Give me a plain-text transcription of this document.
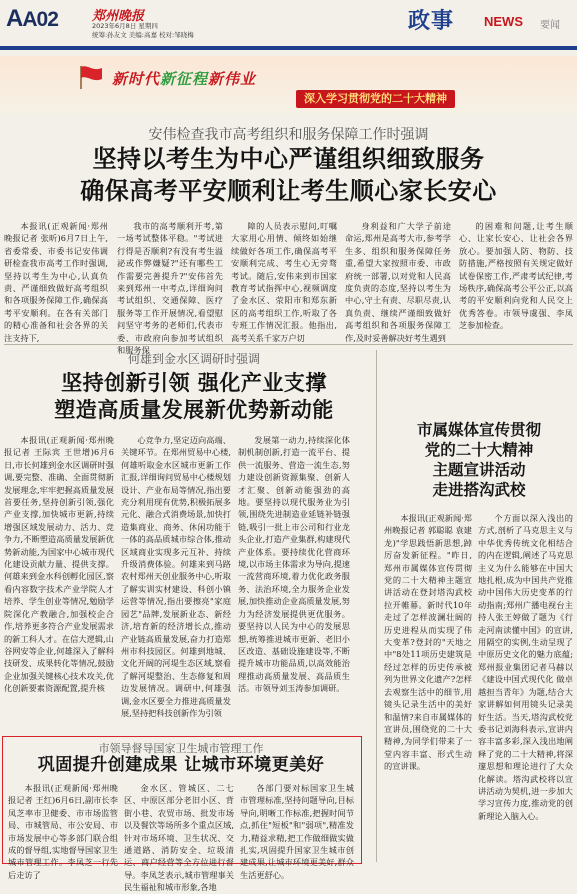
AA02	郑州晚报
2023年6月8日 星期四
统筹:孙友文 美编:高嘉 校对:邹晓梅
政事 NEWS 要闻
新时代新征程新伟业
深入学习贯彻党的二十大精神
安伟检查我市高考组织和服务保障工作时强调
坚持以考生为中心严谨组织细致服务
确保高考平安顺利让考生顺心家长安心
本报讯(正观新闻·郑州晚报记者 张昕)6月7日上午,省委常委、市委书记安伟调研检查我市高考工作时强调,坚持以考生为中心,认真负责、严谨细致做好高考组织和各项服务保障工作,确保高考平安顺利。在各有关部门的精心准备和社会各界的关注支持下,
我市的高考顺利开考,第一场考试整体平稳。"考试进行得是否顺利?有没有考生溢泌或作弊嫌疑?"还有哪些工作需要完善提升?"安伟首先来到郑州一中考点,详细询问考试组织、交通保障、医疗服务等工作开展情况,看望慰问坚守考务的老师们,代表市委、市政府向参加考试组织和服务保
障的人员表示慰问,叮嘱大家用心用情、倾终如始继续做好各项工作,确保高考平安顺利完成、考生心无旁骛考试。随后,安伟来到市国家教育考试指挥中心,视频调度了金水区、荥阳市和郑东新区的高考组织工作,听取了各专班工作情况汇报。他指出,高考关系千家万户切
身利益和广大学子前途命运,郑州是高考大市,参考学生多、组织和服务保障任务重,希望大家按照市委、市政府统一部署,以对党和人民高度负责的态度,坚持以考生为中心,守土有责、尽职尽责,认真负责、继续严谨细致做好高考组织和各项服务保障工作,及时妥善解决好考生遇到
的困难和问题,让考生顺心、让家长安心、让社会各界放心。要加强人防、物防、技防措施,严格按照有关规定做好试卷保密工作,严肃考试纪律,考场秩序,确保高考公平公正,以高考的平安顺利向党和人民交上优秀答卷。市领导虞强、李凤芝参加检查。
何雄到金水区调研时强调
坚持创新引领 强化产业支撑
塑造高质量发展新优势新动能
本报讯(正观新闻·郑州晚报记者 王际宾 王世增)6月6日,市长何雄到金水区调研时强调,要完整、准确、全面贯彻新发展理念,牢牢把握高质量发展首要任务,坚持创新引领,强化产业支撑,加快城市更新,持续增强区域发展动力、活力、竞争力,不断塑造高质量发展新优势新动能,为国家中心城市现代化建设贡献力量、提供支撑。何雄来到金水科创孵化园区,察看内容数字技术产业学院人才培养、学生创业等情况,勉励学院深化产教融合,加强校企合作,培养更多符合产业发展需求的新工科人才。在信大逻辑,山谷网安等企业,何雄深入了解科技研发、成果转化等情况,鼓励企业加强关键核心技术攻关,优化创新要素资源配置,提升核
心竞争力,坚定迈向高端、关键环节。在郑州贸易中心楼,何雄听取金水区城市更新工作汇报,详细询问贸易中心楼规划设计、产业布局等情况,指出要充分利用现有优势,积极拓展多元化、融合式消费场景,加快打造集商业、商务、休闲功能于一体的高品质城市综合体,推动区域商业实现多元互补、持续升级消费体验。何雄来到马路农村郑州天创业服务中心,听取了解实训实材建设、科创小镇运营等情况,指出要擦亮"家庭园艺"品牌,发展新业态、新经济,培育新的经济增长点,推动产业链高质量发展,奋力打造郑州市科技园区。何雄到地城、文化开阔的河堤生态区域,察看了解河堤整治、生态修复和周边发展情况。调研中,何雄强调,金水区要全力推进高质量发展,坚持把科技创新作为引领
发展第一动力,持续深化体制机制创新,打造一流平台、提供一流服务、营造一流生态,努力建设创新资源集聚、创新人才汇聚、创新动能强劲的高地。要坚持以现代服务业为引领,围绕先进制造业延链补链强链,吸引一批上市公司和行业龙头企业,打造产业集群,构建现代产业体系。要持续优化营商环境,以市场主体需求为导向,提速一流营商环境,着力优化政务服务、法治环境,全力服务企业发展,加快推动企业高质量发展,努力为经济发展提供更优服务。要坚持以人民为中心的发展思想,统筹推进城市更新、老旧小区改造、基础设施建设等,不断提升城市功能品质,以高效能治理推动高质量发展、高品质生活。市领导刘玉涛参加调研。
市属媒体宣传贯彻
党的二十大精神
主题宣讲活动
走进搭沟武校
本报讯(正观新闻·郑州晚报记者 郭聪聪 袁建龙)"学思践悟新思想,踔厉奋发新征程。"昨日,郑州市属媒体宣传贯彻党的二十大精神主题宣讲活动在登封塔沟武校拉开帷幕。新时代10年走过了怎样波澜壮阔的历史进程从而实现了伟大变革?登封的"天地之中"8处11项历史建筑是经过怎样的历史传承被列为世界文化遗产?怎样去观察生活中的细节,用镜头记录生活中的美好和温情?来自市属媒体的宣讲员,围绕党的二十大精神,为同学们带来了一堂内容丰富、形式生动的宣讲课。
个方面以深入浅出的方式,剖析了马克思主义与中华优秀传统文化相结合的内在逻辑,阐述了马克思主义为什么能够在中国大地扎根,成为中国共产党推动中国伟大历史变革的行动指南;郑州广播电视台主持人张王婷做了题为《行走河南读懂中国》的宣讲,用隔空的实例,生动呈现了中原历史文化的魅力底蕴;郑州报业集团记者马赫以《建设中国式现代化 做卓越担当青年》为题,结合大家讲解如何用镜头记录美好生活。当天,塔沟武校党委书记刘海科表示,宣讲内容丰富多彩,深入浅出地阐释了党的二十大精神,将深邃思想和理论进行了大众化解读。塔沟武校将以宣讲活动为契机,进一步加大学习宣传力度,推动党的创新理论入脑入心。
市领导督导国家卫生城市管理工作
巩固提升创建成果 让城市环境更美好
本报讯(正观新闻·郑州晚报记者 王红)6月6日,副市长李凤芝率市卫健委、市市场监管局、市城管局、市公安局、市市场发展中心等多部门联合组成的督导组,实地督导国家卫生城市管理工作。李凤芝一行先后走访了
金水区、管城区、二七区、中原区部分老旧小区、背街小巷、农贸市场、批发市场以及餐饮等场所多个重点区域,针对市场环境、卫生状况、交通道路、消防安全、垃圾清运、商户经营等全方位进行督导。李凤芝表示,城市管理事关民生福祉和城市形象,各地
各部门要对标国家卫生城市管理标准,坚持问题导向,目标导向,明晰工作标准,把握时间节点,抓住"短板"和"弱项",精准发力,精益求精,把工作做细做实做扎实,巩固提升国家卫生城市创建成果,让城市环境更美好,群众生活更舒心。
